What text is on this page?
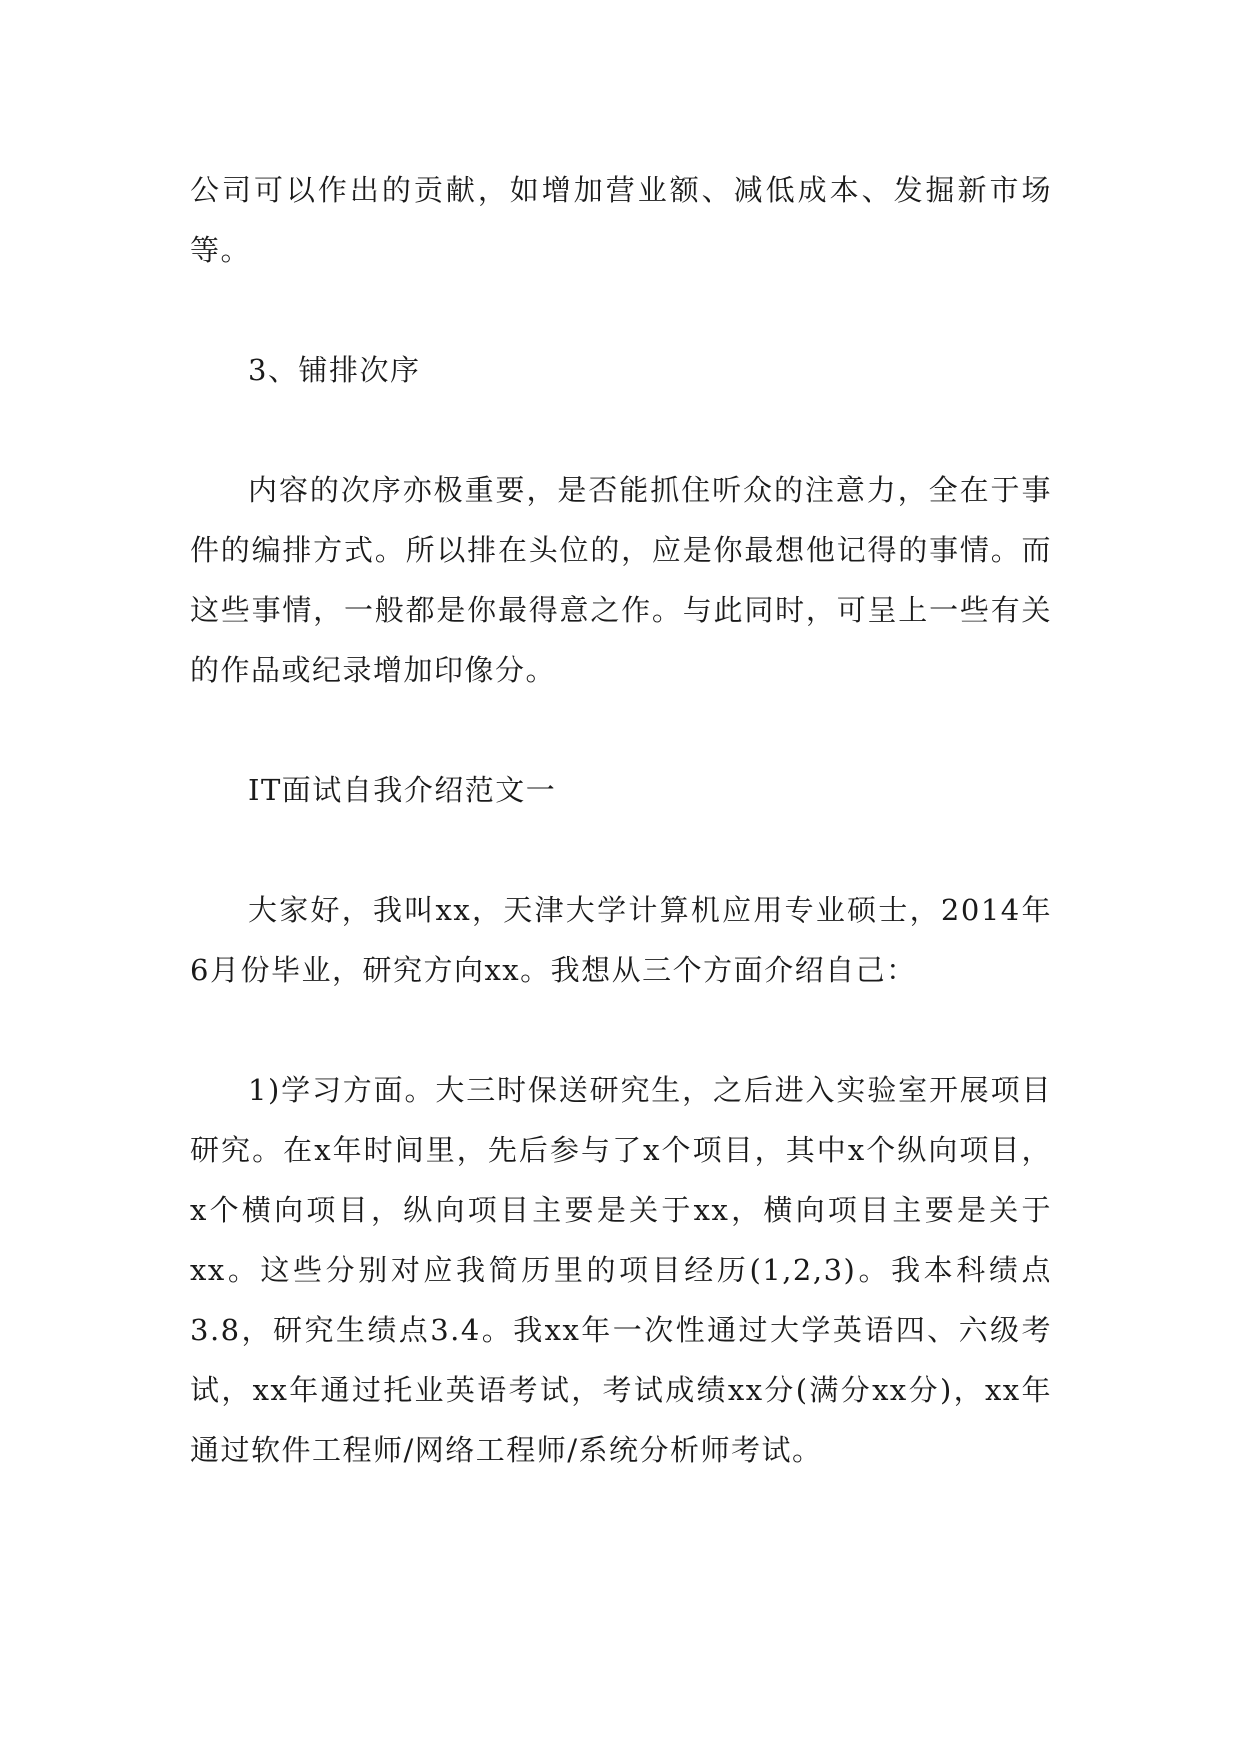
公司可以作出的贡献，如增加营业额、减低成本、发掘新市场等。

3、铺排次序

内容的次序亦极重要，是否能抓住听众的注意力，全在于事件的编排方式。所以排在头位的，应是你最想他记得的事情。而这些事情，一般都是你最得意之作。与此同时，可呈上一些有关的作品或纪录增加印像分。

IT面试自我介绍范文一

大家好，我叫xx，天津大学计算机应用专业硕士，2014年6月份毕业，研究方向xx。我想从三个方面介绍自己：

1)学习方面。大三时保送研究生，之后进入实验室开展项目研究。在x年时间里，先后参与了x个项目，其中x个纵向项目，x个横向项目，纵向项目主要是关于xx，横向项目主要是关于xx。这些分别对应我简历里的项目经历(1,2,3)。我本科绩点3.8，研究生绩点3.4。我xx年一次性通过大学英语四、六级考试，xx年通过托业英语考试，考试成绩xx分(满分xx分)，xx年通过软件工程师/网络工程师/系统分析师考试。
